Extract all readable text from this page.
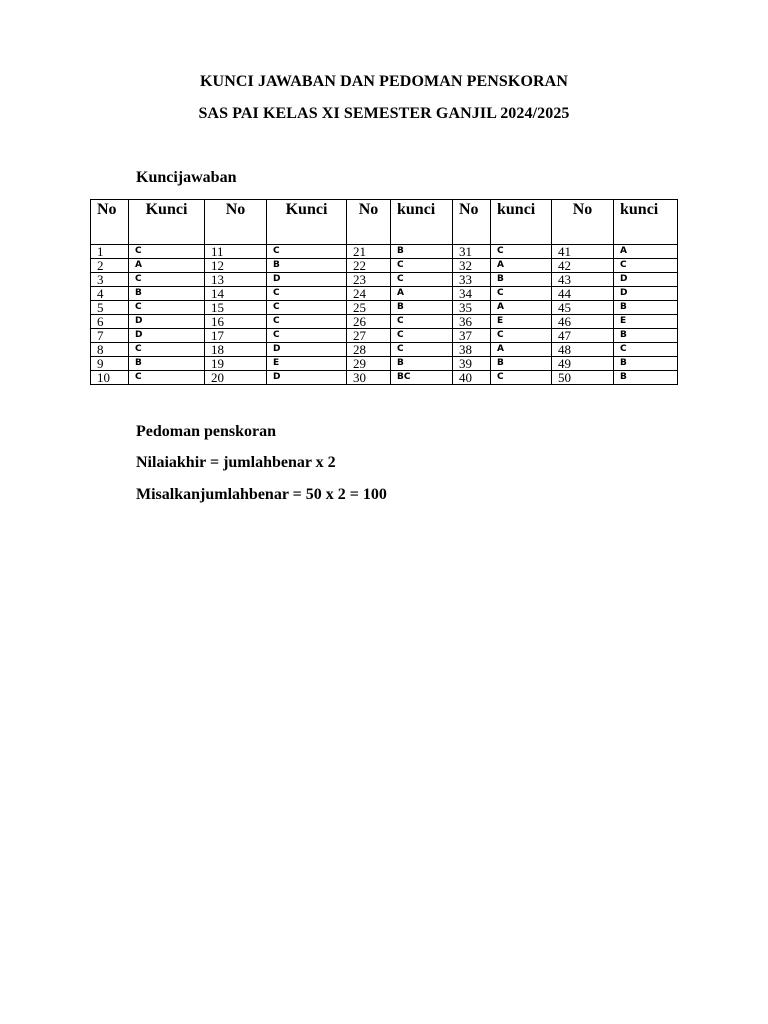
KUNCI JAWABAN DAN PEDOMAN PENSKORAN
SAS PAI KELAS XI SEMESTER GANJIL 2024/2025
Kuncijawaban
No	Kunci	No	Kunci	No	kunci	No	kunci	No	kunci
1	C	11	C	21	B	31	C	41	A
2	A	12	B	22	C	32	A	42	C
3	C	13	D	23	C	33	B	43	D
4	B	14	C	24	A	34	C	44	D
5	C	15	C	25	B	35	A	45	B
6	D	16	C	26	C	36	E	46	E
7	D	17	C	27	C	37	C	47	B
8	C	18	D	28	C	38	A	48	C
9	B	19	E	29	B	39	B	49	B
10	C	20	D	30	BC	40	C	50	B
Pedoman penskoran
Nilaiakhir = jumlahbenar x 2
Misalkanjumlahbenar = 50 x 2 = 100
